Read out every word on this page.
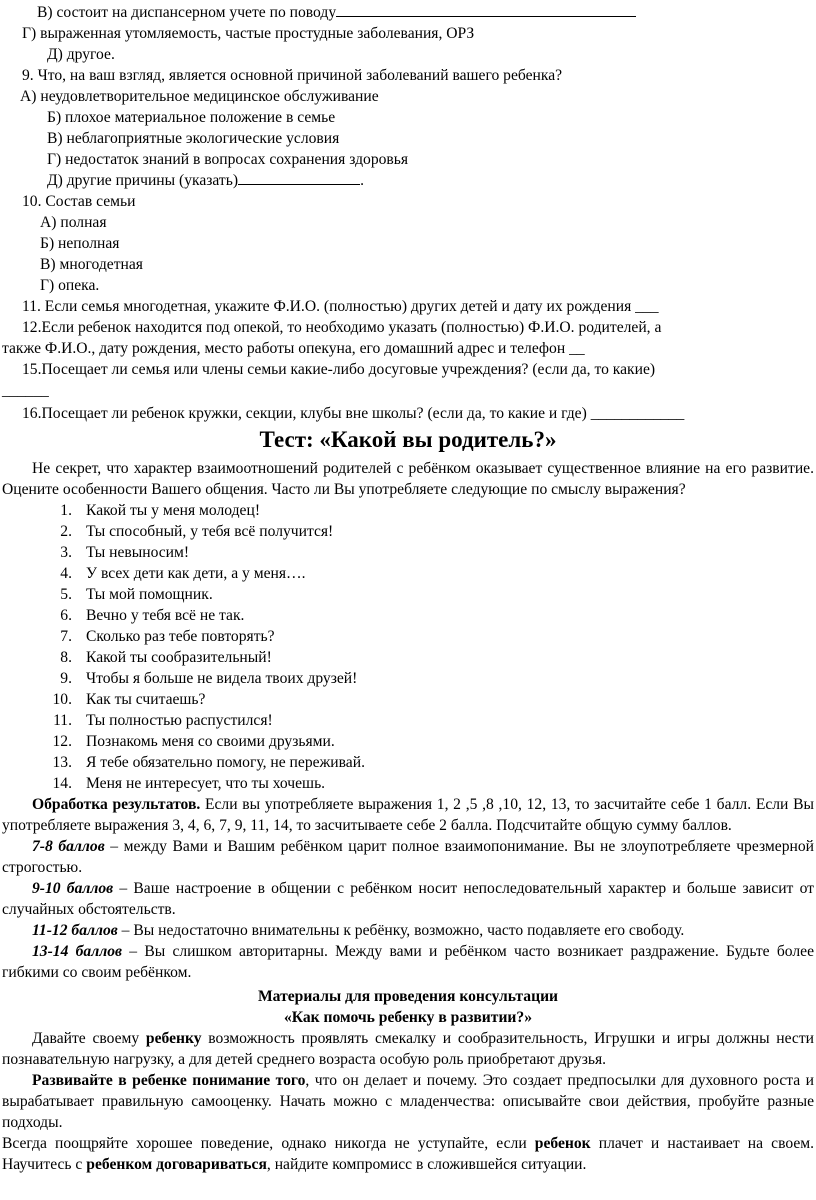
В) состоит на диспансерном учете по поводу
Г) выраженная утомляемость, частые простудные заболевания, ОРЗ
Д) другое.
9. Что, на ваш взгляд, является основной причиной заболеваний вашего ребенка?
А) неудовлетворительное медицинское обслуживание
Б) плохое материальное положение в семье
В) неблагоприятные экологические условия
Г) недостаток знаний в вопросах сохранения здоровья
Д) другие причины (указать)	.
10. Состав семьи
А) полная
Б) неполная
В) многодетная
Г) опека.
11. Если семья многодетная, укажите Ф.И.О. (полностью) других детей и дату их рождения ___
12.Если ребенок находится под опекой, то необходимо указать (полностью) Ф.И.О. родителей, а
также Ф.И.О., дату рождения, место работы опекуна, его домашний адрес и телефон __
15.Посещает ли семья или члены семьи какие-либо досуговые учреждения? (если да, то какие)
______
16.Посещает ли ребенок кружки, секции, клубы вне школы? (если да, то какие и где) ____________
Тест: «Какой вы родитель?»
Не секрет, что характер взаимоотношений родителей с ребёнком оказывает существенное влияние на его развитие. Оцените особенности Вашего общения. Часто ли Вы употребляете следующие по смыслу выражения?
1. Какой ты у меня молодец!
2. Ты способный, у тебя всё получится!
3. Ты невыносим!
4. У всех дети как дети, а у меня….
5. Ты мой помощник.
6. Вечно у тебя всё не так.
7. Сколько раз тебе повторять?
8. Какой ты сообразительный!
9. Чтобы я больше не видела твоих друзей!
10. Как ты считаешь?
11. Ты полностью распустился!
12. Познакомь меня со своими друзьями.
13. Я тебе обязательно помогу, не переживай.
14. Меня не интересует, что ты хочешь.
Обработка результатов. Если вы употребляете выражения 1, 2 ,5 ,8 ,10, 12, 13, то засчитайте себе 1 балл. Если Вы употребляете выражения 3, 4, 6, 7, 9, 11, 14, то засчитываете себе 2 балла. Подсчитайте общую сумму баллов.
7-8 баллов – между Вами и Вашим ребёнком царит полное взаимопонимание. Вы не злоупотребляете чрезмерной строгостью.
9-10 баллов – Ваше настроение в общении с ребёнком носит непоследовательный характер и больше зависит от случайных обстоятельств.
11-12 баллов – Вы недостаточно внимательны к ребёнку, возможно, часто подавляете его свободу.
13-14 баллов – Вы слишком авторитарны. Между вами и ребёнком часто возникает раздражение. Будьте более гибкими со своим ребёнком.
Материалы для проведения консультации
«Как помочь ребенку в развитии?»
Давайте своему ребенку возможность проявлять смекалку и сообразительность, Игрушки и игры должны нести познавательную нагрузку, а для детей среднего возраста особую роль приобретают друзья.
Развивайте в ребенке понимание того, что он делает и почему. Это создает предпосылки для духовного роста и вырабатывает правильную самооценку. Начать можно с младенчества: описывайте свои действия, пробуйте разные подходы.
Всегда поощряйте хорошее поведение, однако никогда не уступайте, если ребенок плачет и настаивает на своем. Научитесь с ребенком договариваться, найдите компромисс в сложившейся ситуации.
